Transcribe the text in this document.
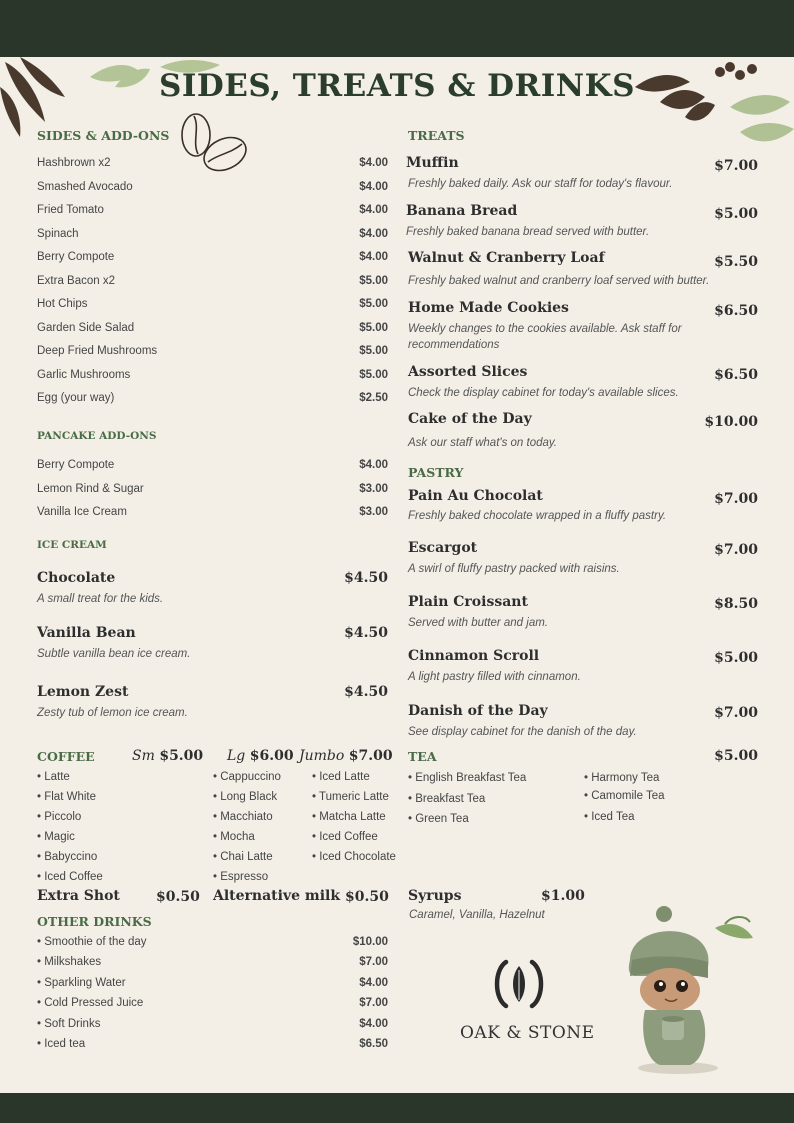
SIDES, TREATS & DRINKS
SIDES & ADD-ONS
Hashbrown x2	$4.00
Smashed Avocado	$4.00
Fried Tomato	$4.00
Spinach	$4.00
Berry Compote	$4.00
Extra Bacon x2	$5.00
Hot Chips	$5.00
Garden Side Salad	$5.00
Deep Fried Mushrooms	$5.00
Garlic Mushrooms	$5.00
Egg (your way)	$2.50
PANCAKE ADD-ONS
Berry Compote	$4.00
Lemon Rind & Sugar	$3.00
Vanilla Ice Cream	$3.00
ICE CREAM
Chocolate	$4.50
A small treat for the kids.
Vanilla Bean	$4.50
Subtle vanilla bean ice cream.
Lemon Zest	$4.50
Zesty tub of lemon ice cream.
COFFEE	Sm $5.00 Lg $6.00 Jumbo $7.00
• Latte
• Flat White
• Piccolo
• Magic
• Babyccino
• Iced Coffee
• Cappuccino
• Long Black
• Macchiato
• Mocha
• Chai Latte
• Espresso
• Iced Latte
• Tumeric Latte
• Matcha Latte
• Iced Coffee
• Iced Chocolate
Extra Shot	$0.50 Alternative milk $0.50
OTHER DRINKS
• Smoothie of the day	$10.00
• Milkshakes	$7.00
• Sparkling Water	$4.00
• Cold Pressed Juice	$7.00
• Soft Drinks	$4.00
• Iced tea	$6.50
TREATS
Muffin	$7.00
Freshly baked daily. Ask our staff for today's flavour.
Banana Bread	$5.00
Freshly baked banana bread served with butter.
Walnut & Cranberry Loaf	$5.50
Freshly baked walnut and cranberry loaf served with butter.
Home Made Cookies	$6.50
Weekly changes to the cookies available. Ask staff for recommendations
Assorted Slices	$6.50
Check the display cabinet for today's available slices.
Cake of the Day	$10.00
Ask our staff what's on today.
PASTRY
Pain Au Chocolat	$7.00
Freshly baked chocolate wrapped in a fluffy pastry.
Escargot	$7.00
A swirl of fluffy pastry packed with raisins.
Plain Croissant	$8.50
Served with butter and jam.
Cinnamon Scroll	$5.00
A light pastry filled with cinnamon.
Danish of the Day	$7.00
See display cabinet for the danish of the day.
TEA	$5.00
• English Breakfast Tea
• Breakfast Tea
• Green Tea
• Harmony Tea
• Camomile Tea
• Iced Tea
Syrups	$1.00
Caramel, Vanilla, Hazelnut
OAK & STONE
